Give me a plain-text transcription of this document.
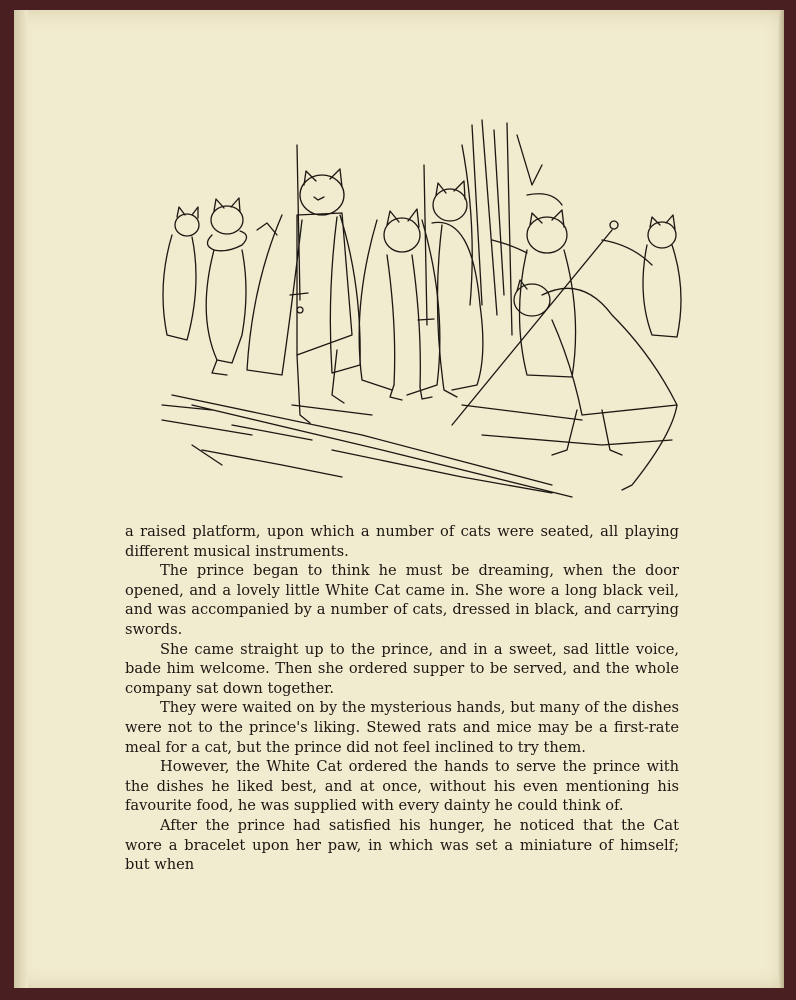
a raised platform, upon which a number of cats were seated, all playing different musical instruments.

The prince began to think he must be dreaming, when the door opened, and a lovely little White Cat came in. She wore a long black veil, and was accompanied by a number of cats, dressed in black, and carrying swords.

She came straight up to the prince, and in a sweet, sad little voice, bade him welcome. Then she ordered supper to be served, and the whole company sat down together.

They were waited on by the mysterious hands, but many of the dishes were not to the prince's liking. Stewed rats and mice may be a first-rate meal for a cat, but the prince did not feel inclined to try them.

However, the White Cat ordered the hands to serve the prince with the dishes he liked best, and at once, without his even mentioning his favourite food, he was supplied with every dainty he could think of.

After the prince had satisfied his hunger, he noticed that the Cat wore a bracelet upon her paw, in which was set a miniature of himself; but when
